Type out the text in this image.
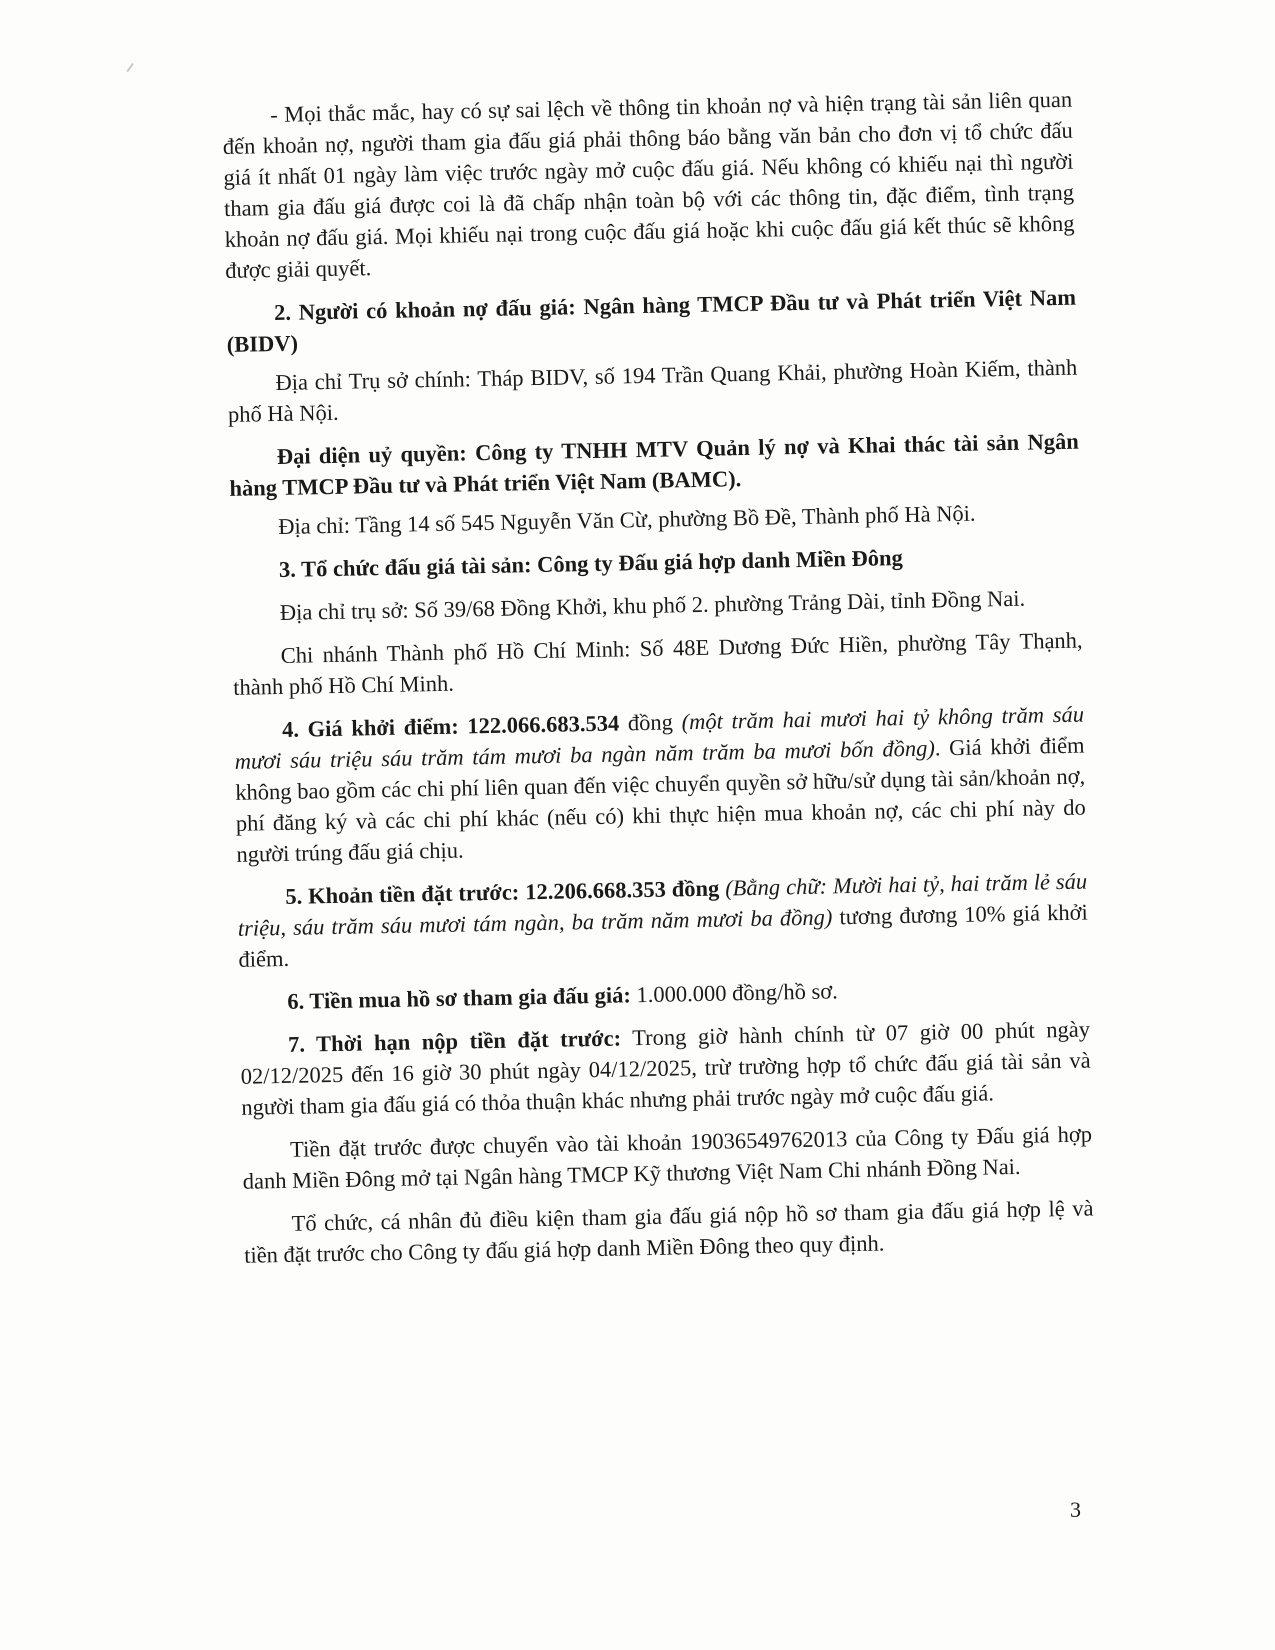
- Mọi thắc mắc, hay có sự sai lệch về thông tin khoản nợ và hiện trạng tài sản liên quan đến khoản nợ, người tham gia đấu giá phải thông báo bằng văn bản cho đơn vị tổ chức đấu giá ít nhất 01 ngày làm việc trước ngày mở cuộc đấu giá. Nếu không có khiếu nại thì người tham gia đấu giá được coi là đã chấp nhận toàn bộ với các thông tin, đặc điểm, tình trạng khoản nợ đấu giá. Mọi khiếu nại trong cuộc đấu giá hoặc khi cuộc đấu giá kết thúc sẽ không được giải quyết.

2. Người có khoản nợ đấu giá: Ngân hàng TMCP Đầu tư và Phát triển Việt Nam (BIDV)

Địa chỉ Trụ sở chính: Tháp BIDV, số 194 Trần Quang Khải, phường Hoàn Kiếm, thành phố Hà Nội.

Đại diện uỷ quyền: Công ty TNHH MTV Quản lý nợ và Khai thác tài sản Ngân hàng TMCP Đầu tư và Phát triển Việt Nam (BAMC).

Địa chỉ: Tầng 14 số 545 Nguyễn Văn Cừ, phường Bồ Đề, Thành phố Hà Nội.

3. Tổ chức đấu giá tài sản: Công ty Đấu giá hợp danh Miền Đông

Địa chỉ trụ sở: Số 39/68 Đồng Khởi, khu phố 2. phường Trảng Dài, tỉnh Đồng Nai.

Chi nhánh Thành phố Hồ Chí Minh: Số 48E Dương Đức Hiền, phường Tây Thạnh, thành phố Hồ Chí Minh.

4. Giá khởi điểm: 122.066.683.534 đồng (một trăm hai mươi hai tỷ không trăm sáu mươi sáu triệu sáu trăm tám mươi ba ngàn năm trăm ba mươi bốn đồng). Giá khởi điểm không bao gồm các chi phí liên quan đến việc chuyển quyền sở hữu/sử dụng tài sản/khoản nợ, phí đăng ký và các chi phí khác (nếu có) khi thực hiện mua khoản nợ, các chi phí này do người trúng đấu giá chịu.

5. Khoản tiền đặt trước: 12.206.668.353 đồng (Bằng chữ: Mười hai tỷ, hai trăm lẻ sáu triệu, sáu trăm sáu mươi tám ngàn, ba trăm năm mươi ba đồng) tương đương 10% giá khởi điểm.

6. Tiền mua hồ sơ tham gia đấu giá: 1.000.000 đồng/hồ sơ.

7. Thời hạn nộp tiền đặt trước: Trong giờ hành chính từ 07 giờ 00 phút ngày 02/12/2025 đến 16 giờ 30 phút ngày 04/12/2025, trừ trường hợp tổ chức đấu giá tài sản và người tham gia đấu giá có thỏa thuận khác nhưng phải trước ngày mở cuộc đấu giá.

Tiền đặt trước được chuyển vào tài khoản 19036549762013 của Công ty Đấu giá hợp danh Miền Đông mở tại Ngân hàng TMCP Kỹ thương Việt Nam Chi nhánh Đồng Nai.

Tổ chức, cá nhân đủ điều kiện tham gia đấu giá nộp hồ sơ tham gia đấu giá hợp lệ và tiền đặt trước cho Công ty đấu giá hợp danh Miền Đông theo quy định.

3
